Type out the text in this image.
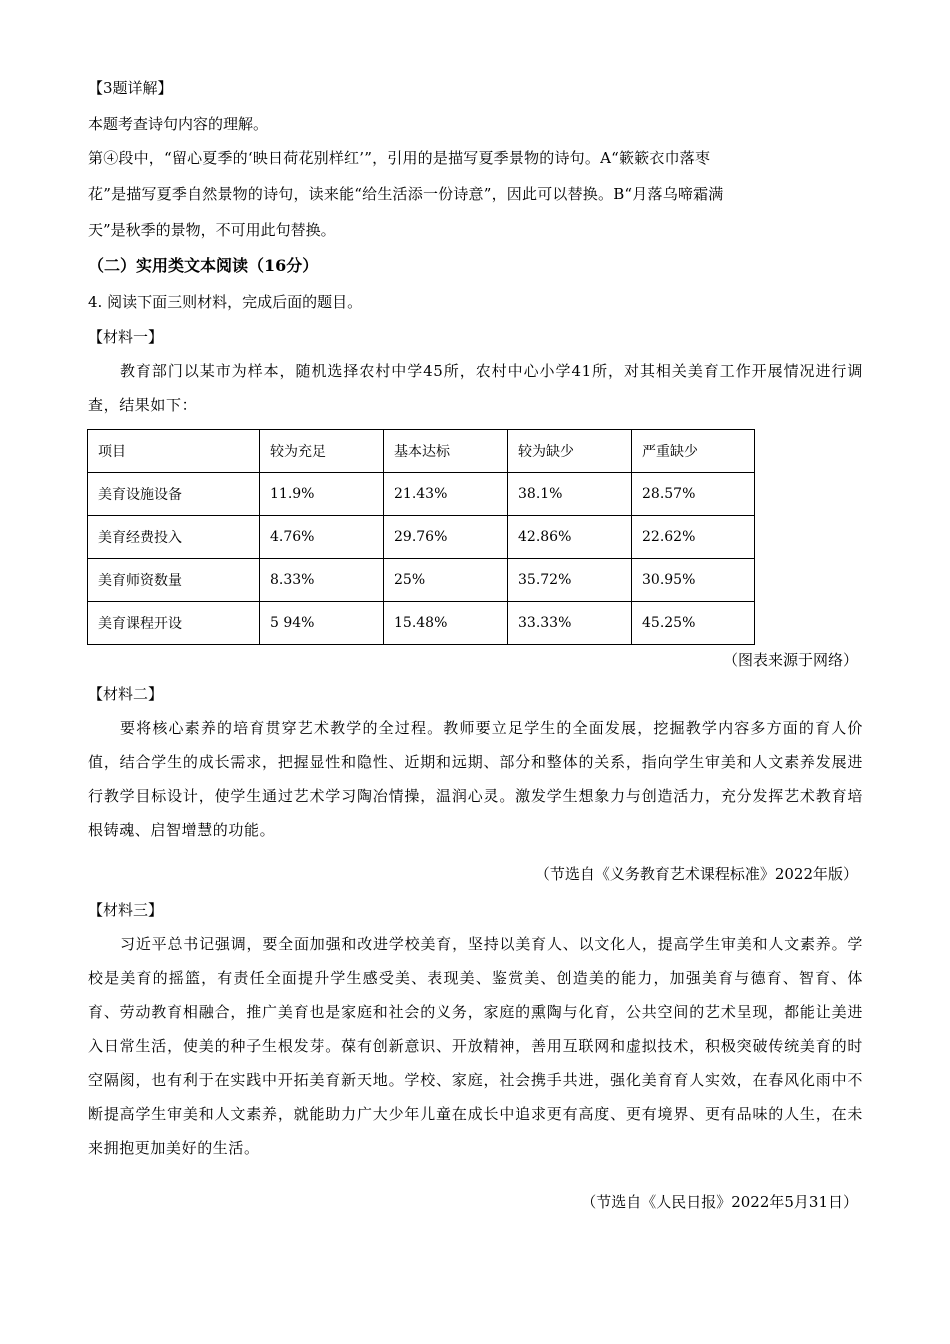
【3题详解】
本题考查诗句内容的理解。
第④段中，“留心夏季的‘映日荷花别样红’”，引用的是描写夏季景物的诗句。A“簌簌衣巾落枣
花”是描写夏季自然景物的诗句，读来能“给生活添一份诗意”，因此可以替换。B“月落乌啼霜满
天”是秋季的景物，不可用此句替换。
（二）实用类文本阅读（16分）
4. 阅读下面三则材料，完成后面的题目。
【材料一】
教育部门以某市为样本，随机选择农村中学45所，农村中心小学41所，对其相关美育工作开展情况进行调查，结果如下：
项目	较为充足	基本达标	较为缺少	严重缺少
美育设施设备	11.9%	21.43%	38.1%	28.57%
美育经费投入	4.76%	29.76%	42.86%	22.62%
美育师资数量	8.33%	25%	35.72%	30.95%
美育课程开设	5 94%	15.48%	33.33%	45.25%
（图表来源于网络）
【材料二】
要将核心素养的培育贯穿艺术教学的全过程。教师要立足学生的全面发展，挖掘教学内容多方面的育人价值，结合学生的成长需求，把握显性和隐性、近期和远期、部分和整体的关系，指向学生审美和人文素养发展进行教学目标设计，使学生通过艺术学习陶冶情操，温润心灵。激发学生想象力与创造活力，充分发挥艺术教育培根铸魂、启智增慧的功能。
（节选自《义务教育艺术课程标准》2022年版）
【材料三】
习近平总书记强调，要全面加强和改进学校美育，坚持以美育人、以文化人，提高学生审美和人文素养。学校是美育的摇篮，有责任全面提升学生感受美、表现美、鉴赏美、创造美的能力，加强美育与德育、智育、体育、劳动教育相融合，推广美育也是家庭和社会的义务，家庭的熏陶与化育，公共空间的艺术呈现，都能让美进入日常生活，使美的种子生根发芽。葆有创新意识、开放精神，善用互联网和虚拟技术，积极突破传统美育的时空隔阂，也有利于在实践中开拓美育新天地。学校、家庭，社会携手共进，强化美育育人实效，在春风化雨中不断提高学生审美和人文素养，就能助力广大少年儿童在成长中追求更有高度、更有境界、更有品味的人生，在未来拥抱更加美好的生活。
（节选自《人民日报》2022年5月31日）
